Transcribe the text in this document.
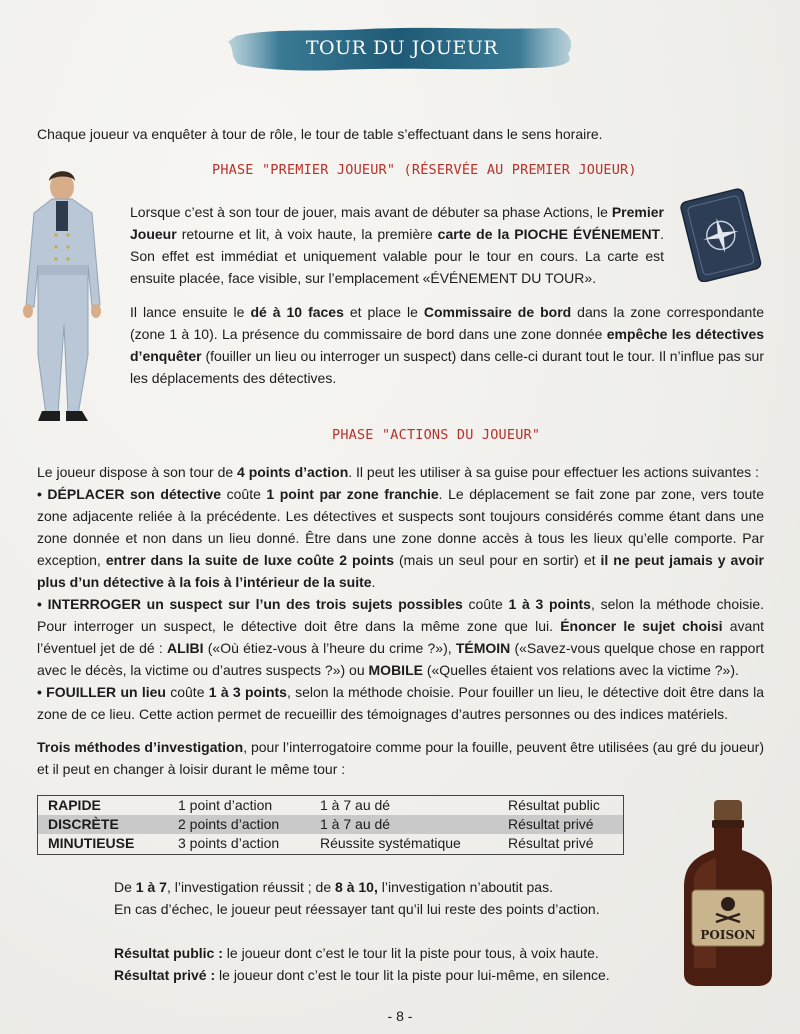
TOUR DU JOUEUR
Chaque joueur va enquêter à tour de rôle, le tour de table s’effectuant dans le sens horaire.
PHASE "PREMIER JOUEUR" (RÉSERVÉE AU PREMIER JOUEUR)
Lorsque c’est à son tour de jouer, mais avant de débuter sa phase Actions, le Premier Joueur retourne et lit, à voix haute, la première carte de la PIOCHE ÉVÉNEMENT. Son effet est immédiat et uniquement valable pour le tour en cours. La carte est ensuite placée, face visible, sur l’emplacement «ÉVÉNEMENT DU TOUR».
Il lance ensuite le dé à 10 faces et place le Commissaire de bord dans la zone correspondante (zone 1 à 10). La présence du commissaire de bord dans une zone donnée empêche les détectives d’enquêter (fouiller un lieu ou interroger un suspect) dans celle-ci durant tout le tour. Il n’influe pas sur les déplacements des détectives.
PHASE "ACTIONS DU JOUEUR"
Le joueur dispose à son tour de 4 points d’action. Il peut les utiliser à sa guise pour effectuer les actions suivantes :
• DÉPLACER son détective coûte 1 point par zone franchie. Le déplacement se fait zone par zone, vers toute zone adjacente reliée à la précédente. Les détectives et suspects sont toujours considérés comme étant dans une zone donnée et non dans un lieu donné. Être dans une zone donne accès à tous les lieux qu’elle comporte. Par exception, entrer dans la suite de luxe coûte 2 points (mais un seul pour en sortir) et il ne peut jamais y avoir plus d’un détective à la fois à l’intérieur de la suite.
• INTERROGER un suspect sur l’un des trois sujets possibles coûte 1 à 3 points, selon la méthode choisie. Pour interroger un suspect, le détective doit être dans la même zone que lui. Énoncer le sujet choisi avant l’éventuel jet de dé : ALIBI («Où étiez-vous à l’heure du crime ?»), TÉMOIN («Savez-vous quelque chose en rapport avec le décès, la victime ou d’autres suspects ?») ou MOBILE («Quelles étaient vos relations avec la victime ?»).
• FOUILLER un lieu coûte 1 à 3 points, selon la méthode choisie. Pour fouiller un lieu, le détective doit être dans la zone de ce lieu. Cette action permet de recueillir des témoignages d’autres personnes ou des indices matériels.
Trois méthodes d’investigation, pour l’interrogatoire comme pour la fouille, peuvent être utilisées (au gré du joueur) et il peut en changer à loisir durant le même tour :
RAPIDE	1 point d’action	1 à 7 au dé	Résultat public
DISCRÈTE	2 points d’action	1 à 7 au dé	Résultat privé
MINUTIEUSE	3 points d’action	Réussite systématique	Résultat privé
De 1 à 7, l’investigation réussit ; de 8 à 10, l’investigation n’aboutit pas.
En cas d’échec, le joueur peut réessayer tant qu’il lui reste des points d’action.
Résultat public : le joueur dont c’est le tour lit la piste pour tous, à voix haute.
Résultat privé : le joueur dont c’est le tour lit la piste pour lui-même, en silence.
POISON
- 8 -
